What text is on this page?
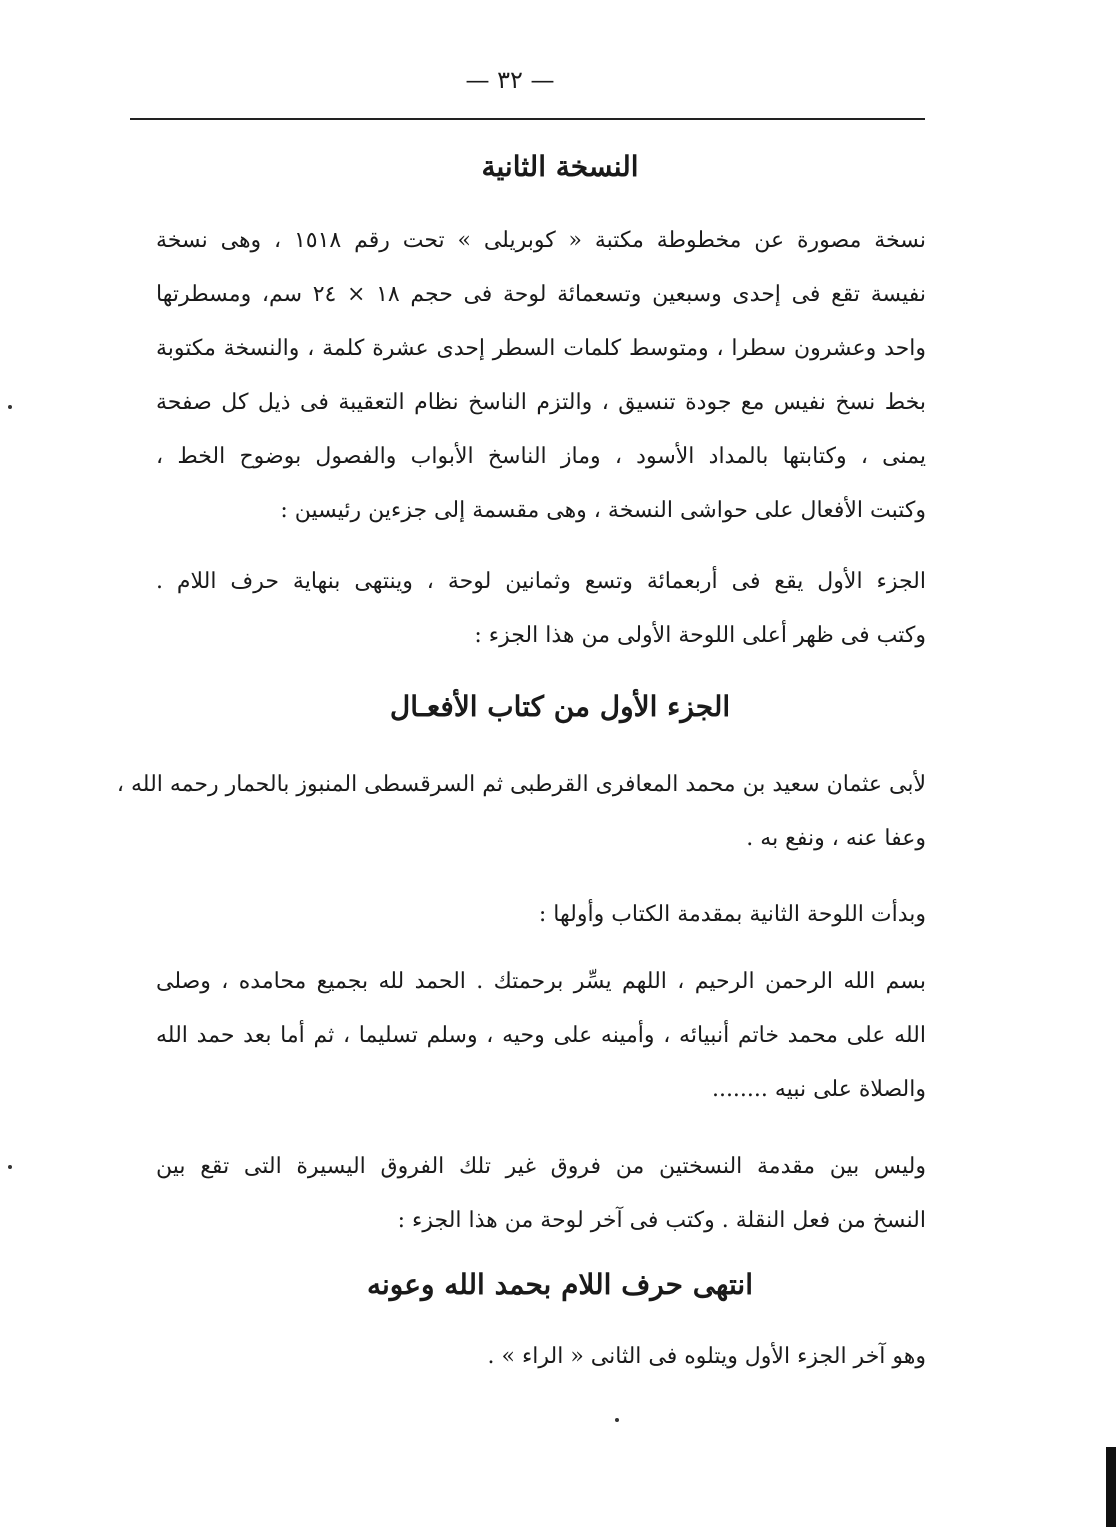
— ٣٢ —
النسخة الثانية
نسخة مصورة عن مخطوطة مكتبة « كوبريلى » تحت رقم ١٥١٨ ، وهى نسخة
نفيسة تقع فى إحدى وسبعين وتسعمائة لوحة فى حجم ١٨ × ٢٤ سم، ومسطرتها
واحد وعشرون سطرا ، ومتوسط كلمات السطر إحدى عشرة كلمة ، والنسخة مكتوبة
بخط نسخ نفيس مع جودة تنسيق ، والتزم الناسخ نظام التعقيبة فى ذيل كل صفحة
يمنى ، وكتابتها بالمداد الأسود ، وماز الناسخ الأبواب والفصول بوضوح الخط ،
وكتبت الأفعال على حواشى النسخة ، وهى مقسمة إلى جزءين رئيسين :
الجزء الأول يقع فى أربعمائة وتسع وثمانين لوحة ، وينتهى بنهاية حرف اللام .
وكتب فى ظهر أعلى اللوحة الأولى من هذا الجزء :
الجزء الأول من كتاب الأفعـال
لأبى عثمان سعيد بن محمد المعافرى القرطبى ثم السرقسطى المنبوز بالحمار رحمه الله ،
وعفا عنه ، ونفع به .
وبدأت اللوحة الثانية بمقدمة الكتاب وأولها :
بسم الله الرحمن الرحيم ، اللهم يسِّر برحمتك . الحمد لله بجميع محامده ، وصلى
الله على محمد خاتم أنبيائه ، وأمينه على وحيه ، وسلم تسليما ، ثم أما بعد حمد الله
والصلاة على نبيه ........
وليس بين مقدمة النسختين من فروق غير تلك الفروق اليسيرة التى تقع بين
النسخ من فعل النقلة . وكتب فى آخر لوحة من هذا الجزء :
انتهى حرف اللام بحمد الله وعونه
وهو آخر الجزء الأول ويتلوه فى الثانى « الراء » .
